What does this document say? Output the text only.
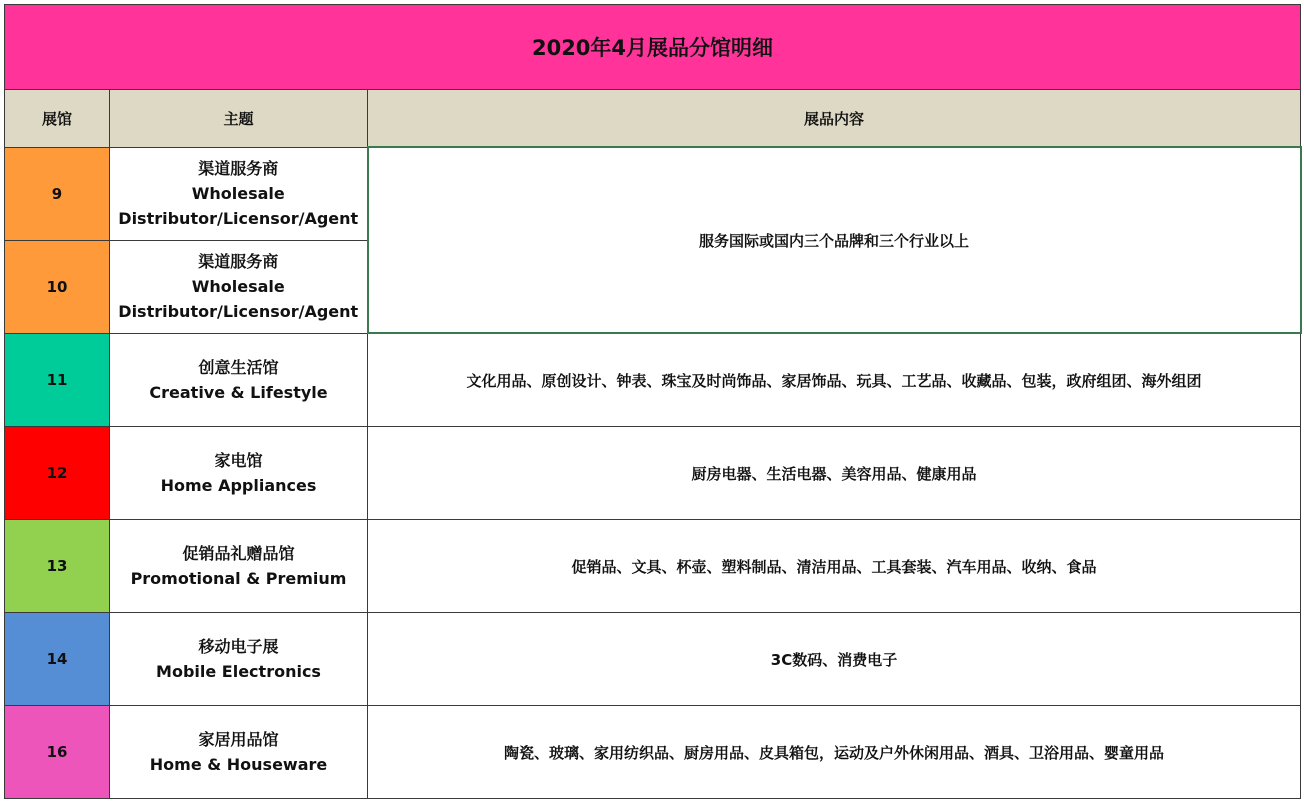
2020年4月展品分馆明细		
展馆	主题	展品内容
9	渠道服务商
Wholesale
Distributor/Licensor/Agent	服务国际或国内三个品牌和三个行业以上
10	渠道服务商
Wholesale
Distributor/Licensor/Agent	

11	创意生活馆
Creative & Lifestyle	文化用品、原创设计、钟表、珠宝及时尚饰品、家居饰品、玩具、工艺品、收藏品、包装，政府组团、海外组团
12	家电馆
Home Appliances	厨房电器、生活电器、美容用品、健康用品
13	促销品礼赠品馆
Promotional & Premium	促销品、文具、杯壶、塑料制品、清洁用品、工具套装、汽车用品、收纳、食品
14	移动电子展
Mobile Electronics	3C数码、消费电子
16	家居用品馆
Home & Houseware	陶瓷、玻璃、家用纺织品、厨房用品、皮具箱包，运动及户外休闲用品、酒具、卫浴用品、婴童用品
